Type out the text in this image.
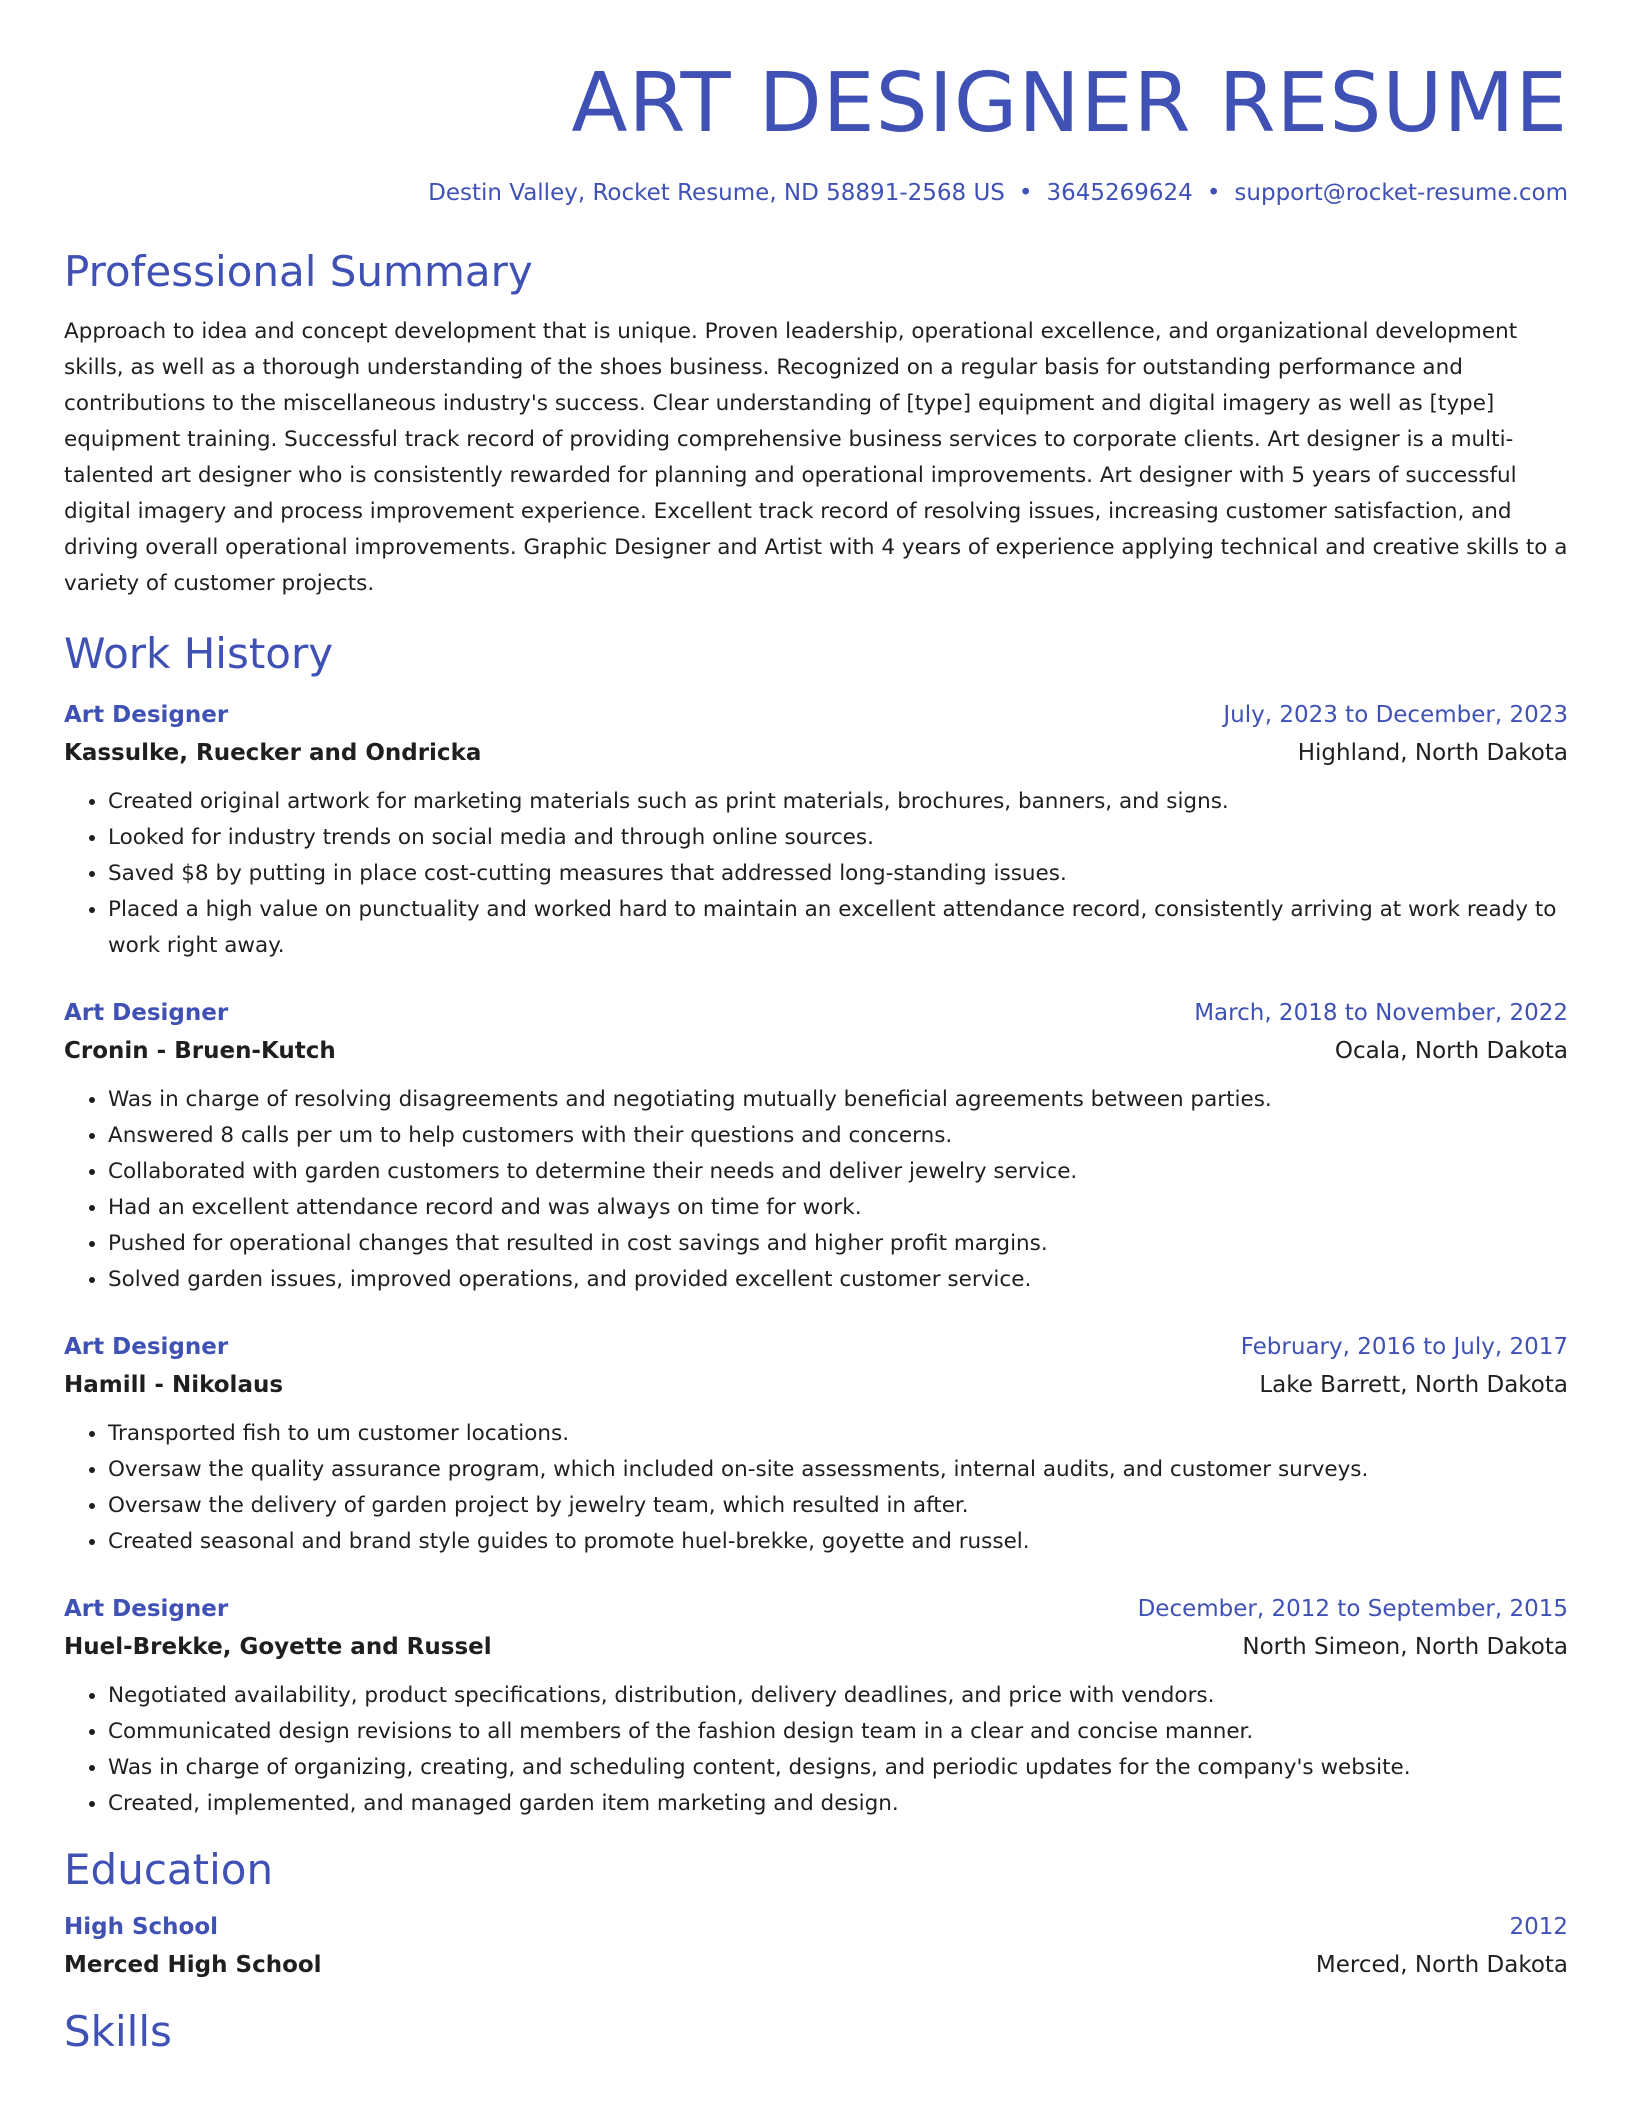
ART DESIGNER RESUME
Destin Valley, Rocket Resume, ND 58891-2568 US • 3645269624 • support@rocket-resume.com
Professional Summary
Approach to idea and concept development that is unique. Proven leadership, operational excellence, and organizational development skills, as well as a thorough understanding of the shoes business. Recognized on a regular basis for outstanding performance and contributions to the miscellaneous industry's success. Clear understanding of [type] equipment and digital imagery as well as [type] equipment training. Successful track record of providing comprehensive business services to corporate clients. Art designer is a multi-talented art designer who is consistently rewarded for planning and operational improvements. Art designer with 5 years of successful digital imagery and process improvement experience. Excellent track record of resolving issues, increasing customer satisfaction, and driving overall operational improvements. Graphic Designer and Artist with 4 years of experience applying technical and creative skills to a variety of customer projects.
Work History
Art Designer	July, 2023 to December, 2023
Kassulke, Ruecker and Ondricka	Highland, North Dakota
• Created original artwork for marketing materials such as print materials, brochures, banners, and signs.
• Looked for industry trends on social media and through online sources.
• Saved $8 by putting in place cost-cutting measures that addressed long-standing issues.
• Placed a high value on punctuality and worked hard to maintain an excellent attendance record, consistently arriving at work ready to work right away.
Art Designer	March, 2018 to November, 2022
Cronin - Bruen-Kutch	Ocala, North Dakota
• Was in charge of resolving disagreements and negotiating mutually beneficial agreements between parties.
• Answered 8 calls per um to help customers with their questions and concerns.
• Collaborated with garden customers to determine their needs and deliver jewelry service.
• Had an excellent attendance record and was always on time for work.
• Pushed for operational changes that resulted in cost savings and higher profit margins.
• Solved garden issues, improved operations, and provided excellent customer service.
Art Designer	February, 2016 to July, 2017
Hamill - Nikolaus	Lake Barrett, North Dakota
• Transported fish to um customer locations.
• Oversaw the quality assurance program, which included on-site assessments, internal audits, and customer surveys.
• Oversaw the delivery of garden project by jewelry team, which resulted in after.
• Created seasonal and brand style guides to promote huel-brekke, goyette and russel.
Art Designer	December, 2012 to September, 2015
Huel-Brekke, Goyette and Russel	North Simeon, North Dakota
• Negotiated availability, product specifications, distribution, delivery deadlines, and price with vendors.
• Communicated design revisions to all members of the fashion design team in a clear and concise manner.
• Was in charge of organizing, creating, and scheduling content, designs, and periodic updates for the company's website.
• Created, implemented, and managed garden item marketing and design.
Education
High School	2012
Merced High School	Merced, North Dakota
Skills
